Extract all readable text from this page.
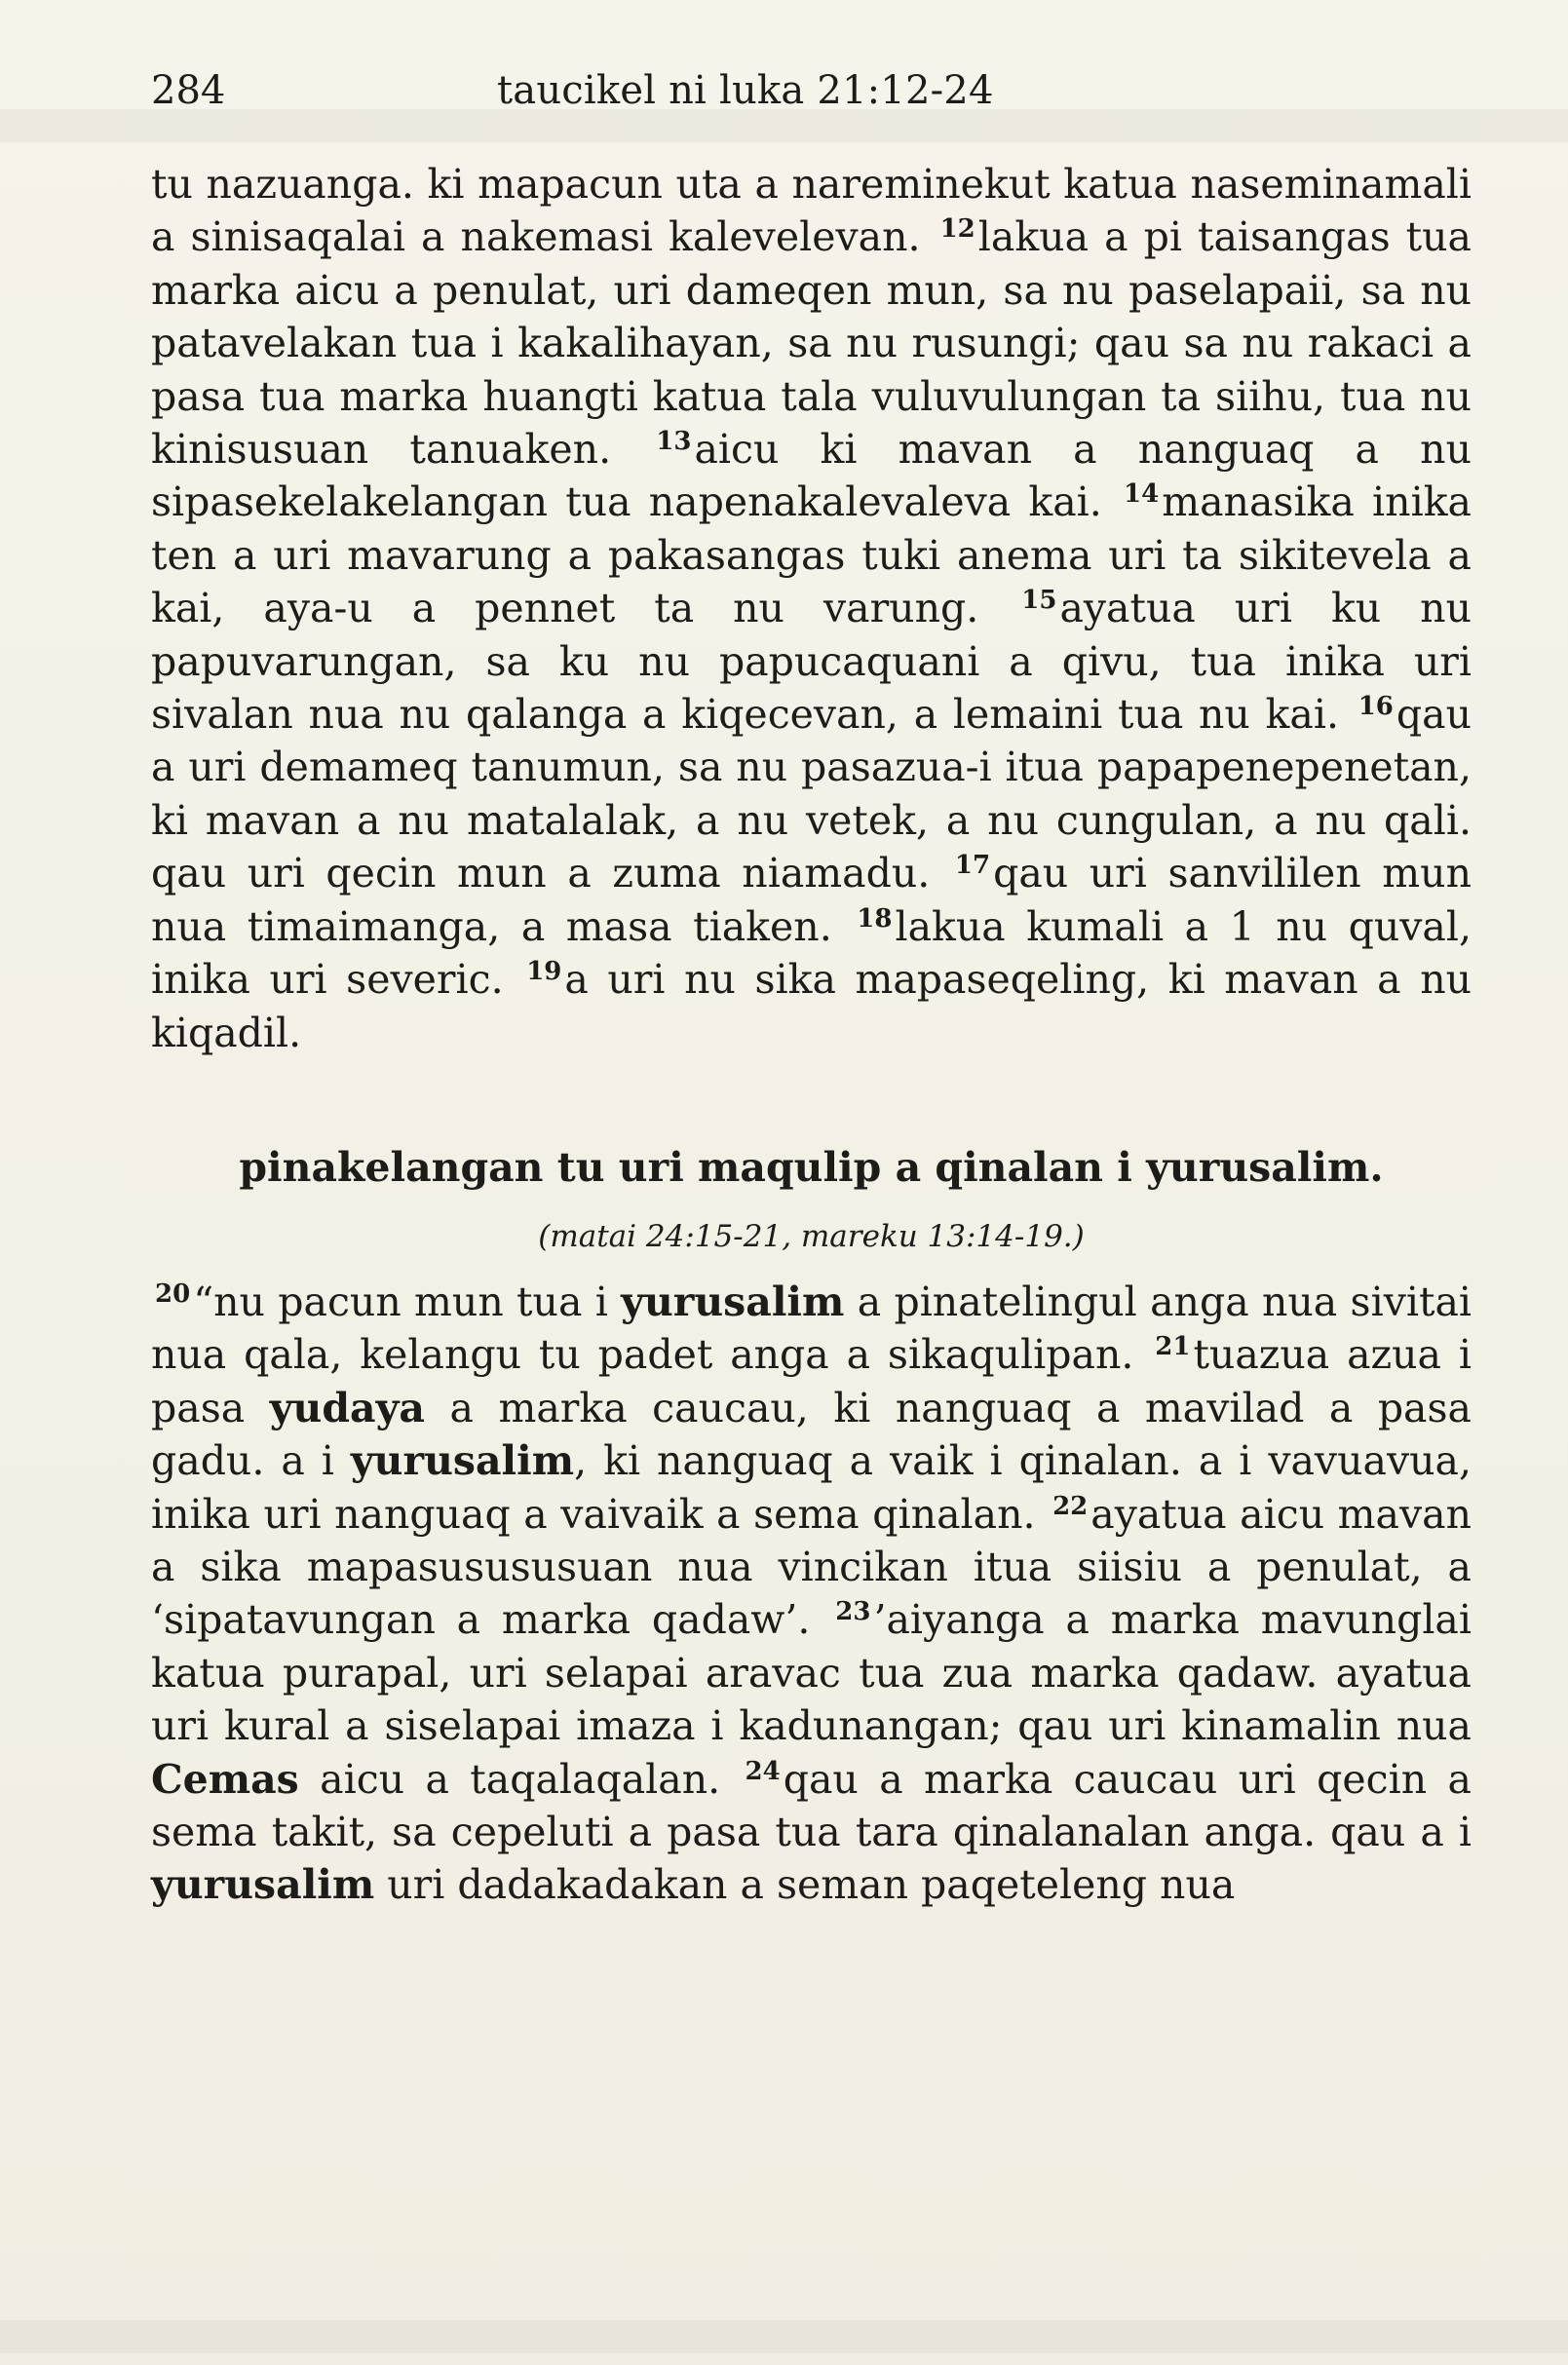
284	taucikel ni luka 21:12-24

tu nazuanga. ki mapacun uta a nareminekut katua naseminamali a sinisaqalai a nakemasi kalevelevan. $^{12}$lakua a pi taisangas tua marka aicu a penulat, uri dameqen mun, sa nu paselapaii, sa nu patavelakan tua i kakalihayan, sa nu rusungi; qau sa nu rakaci a pasa tua marka huangti katua tala vuluvulungan ta siihu, tua nu kinisusuan tanuaken. $^{13}$aicu ki mavan a nanguaq a nu sipasekelakelangan tua napenakalevaleva kai. $^{14}$manasika inika ten a uri mavarung a pakasangas tuki anema uri ta sikitevela a kai, aya-u a pennet ta nu varung. $^{15}$ayatua uri ku nu papuvarungan, sa ku nu papucaquani a qivu, tua inika uri sivalan nua nu qalanga a kiqecevan, a lemaini tua nu kai. $^{16}$qau a uri demameq tanumun, sa nu pasazua-i itua papapenepenetan, ki mavan a nu matalalak, a nu vetek, a nu cungulan, a nu qali. qau uri qecin mun a zuma niamadu. $^{17}$qau uri sanvililen mun nua timaimanga, a masa tiaken. $^{18}$lakua kumali a 1 nu quval, inika uri severic. $^{19}$a uri nu sika mapaseqeling, ki mavan a nu kiqadil.

pinakelangan tu uri maqulip a qinalan i yurusalim.
(matai 24:15-21, mareku 13:14-19.)

$^{20}$“nu pacun mun tua i yurusalim a pinatelingul anga nua sivitai nua qala, kelangu tu padet anga a sikaqulipan. $^{21}$tuazua azua i pasa yudaya a marka caucau, ki nanguaq a mavilad a pasa gadu. a i yurusalim, ki nanguaq a vaik i qinalan. a i vavuavua, inika uri nanguaq a vaivaik a sema qinalan. $^{22}$ayatua aicu mavan a sika mapasusususuan nua vincikan itua siisiu a penulat, a ‘sipatavungan a marka qadaw’. $^{23}$’aiyanga a marka mavunglai katua purapal, uri selapai aravac tua zua marka qadaw. ayatua uri kural a siselapai imaza i kadunangan; qau uri kinamalin nua Cemas aicu a taqalaqalan. $^{24}$qau a marka caucau uri qecin a sema takit, sa cepeluti a pasa tua tara qinalanalan anga. qau a i yurusalim uri dadakadakan a seman paqeteleng nua
